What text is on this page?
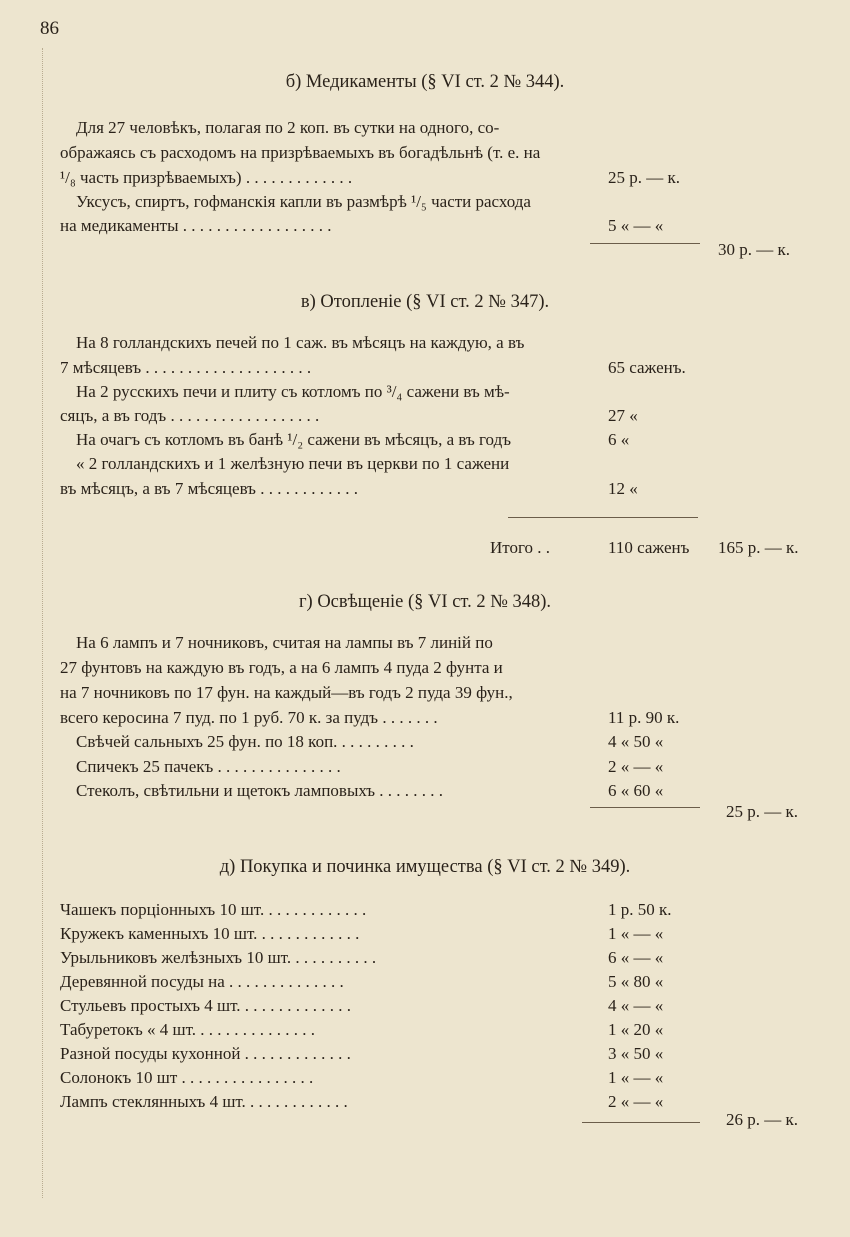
86
б) Медикаменты (§ VI ст. 2 № 344).
Для 27 человѣкъ, полагая по 2 коп. въ сутки на одного, со-
ображаясь съ расходомъ на призрѣваемыхъ въ богадѣльнѣ (т. е. на
¹/₈ часть призрѣваемыхъ) . . . . . . . . . . . . .	25 р. — к.
Уксусъ, спиртъ, гофманскія капли въ размѣрѣ ¹/₅ части расхода
на медикаменты . . . . . . . . . . . . . . . . . .	5 « — «
30 р. — к.
в) Отопленіе (§ VI ст. 2 № 347).
На 8 голландскихъ печей по 1 саж. въ мѣсяцъ на каждую, а въ
7 мѣсяцевъ . . . . . . . . . . . . . . . . . . . .	65 саженъ.
На 2 русскихъ печи и плиту съ котломъ по ³/₄ сажени въ мѣ-
сяцъ, а въ годъ . . . . . . . . . . . . . . . . . .	27 «
На очагъ съ котломъ въ банѣ ¹/₂ сажени въ мѣсяцъ, а въ годъ	6 «
« 2 голландскихъ и 1 желѣзную печи въ церкви по 1 сажени
въ мѣсяцъ, а въ 7 мѣсяцевъ . . . . . . . . . . . .	12 «
Итого . .	110 саженъ	165 р. — к.
г) Освѣщеніе (§ VI ст. 2 № 348).
На 6 лампъ и 7 ночниковъ, считая на лампы въ 7 линій по
27 фунтовъ на каждую въ годъ, а на 6 лампъ 4 пуда 2 фунта и
на 7 ночниковъ по 17 фун. на каждый—въ годъ 2 пуда 39 фун.,
всего керосина 7 пуд. по 1 руб. 70 к. за пудъ . . . . . . .	11 р. 90 к.
Свѣчей сальныхъ 25 фун. по 18 коп. . . . . . . . . .	4 « 50 «
Спичекъ 25 пачекъ . . . . . . . . . . . . . . .	2 « — «
Стеколъ, свѣтильни и щетокъ ламповыхъ . . . . . . . .	6 « 60 «
25 р. — к.
д) Покупка и починка имущества (§ VI ст. 2 № 349).
Чашекъ порціонныхъ 10 шт. . . . . . . . . . . . .	1 р. 50 к.
Кружекъ каменныхъ 10 шт. . . . . . . . . . . . .	1 « — «
Урыльниковъ желѣзныхъ 10 шт. . . . . . . . . . .	6 « — «
Деревянной посуды на . . . . . . . . . . . . . .	5 « 80 «
Стульевъ простыхъ 4 шт. . . . . . . . . . . . . .	4 « — «
Табуретокъ « 4 шт. . . . . . . . . . . . . . .	1 « 20 «
Разной посуды кухонной . . . . . . . . . . . . .	3 « 50 «
Солонокъ 10 шт . . . . . . . . . . . . . . . .	1 « — «
Лампъ стеклянныхъ 4 шт. . . . . . . . . . . . .	2 « — «
26 р. — к.
